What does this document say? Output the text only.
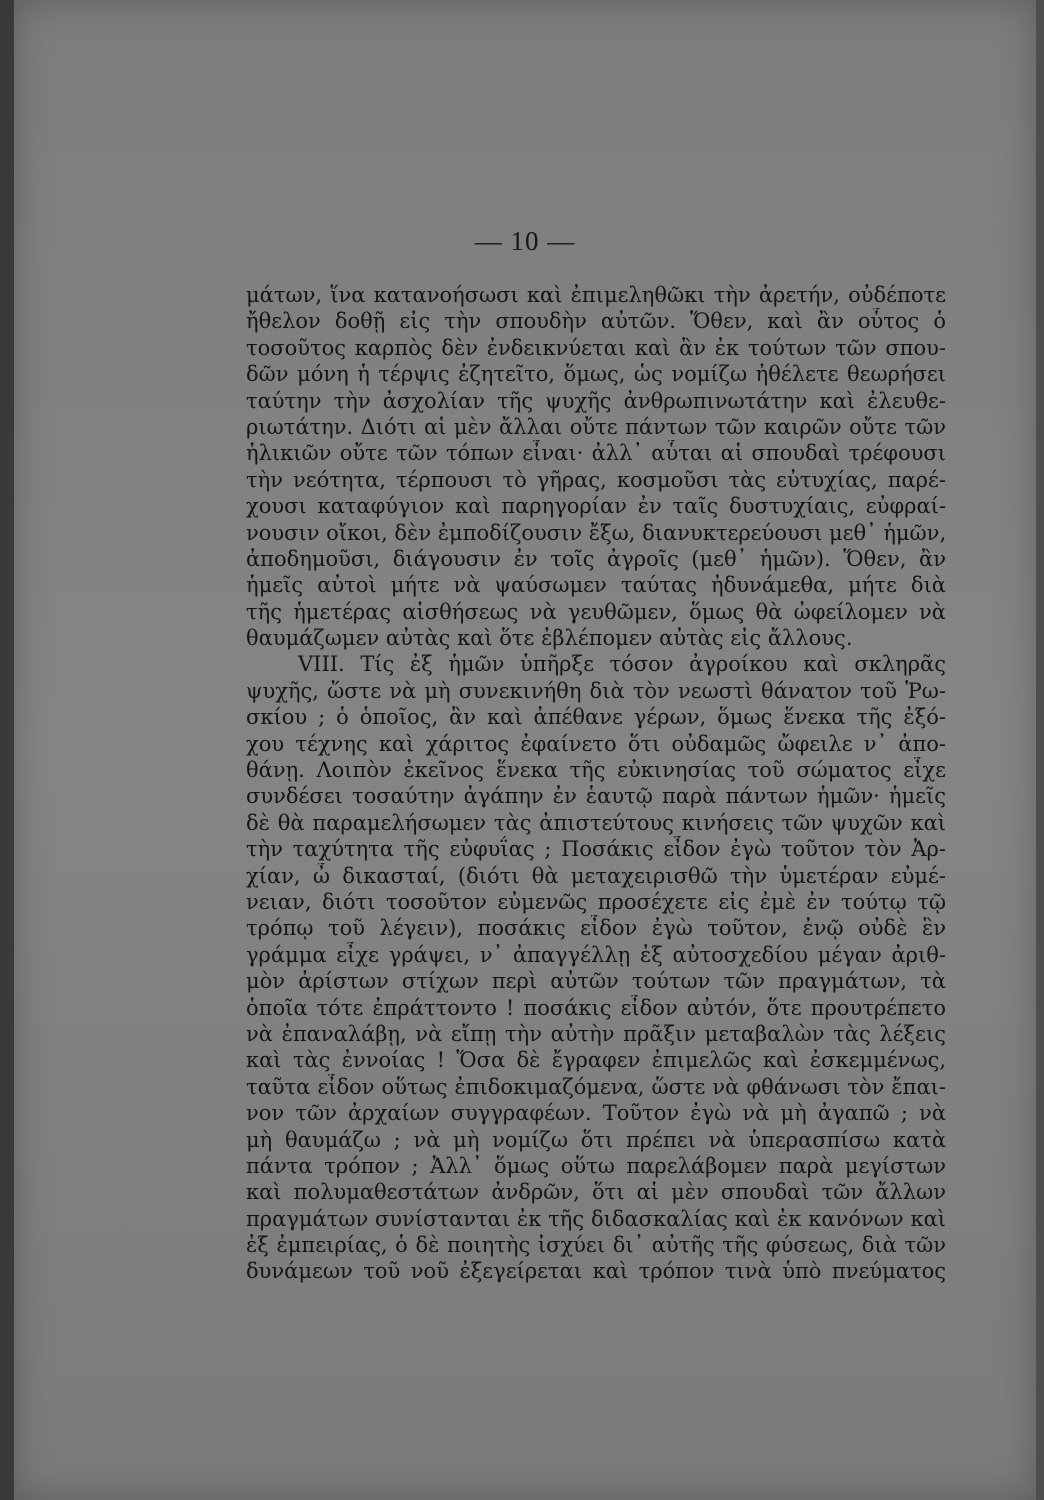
— 10 —
μάτων, ἵνα κατανοήσωσι καὶ ἐπιμεληθῶκι τὴν ἀρετήν, οὐδέποτε
ἤθελον δοθῇ εἰς τὴν σπουδὴν αὐτῶν. Ὅθεν, καὶ ἂν οὗτος ὁ
τοσοῦτος καρπὸς δὲν ἐνδεικνύεται καὶ ἂν ἐκ τούτων τῶν σπου-
δῶν μόνη ἡ τέρψις ἐζητεῖτο, ὅμως, ὡς νομίζω ἠθέλετε θεωρήσει
ταύτην τὴν ἀσχολίαν τῆς ψυχῆς ἀνθρωπινωτάτην καὶ ἐλευθε-
ριωτάτην. Διότι αἱ μὲν ἄλλαι οὔτε πάντων τῶν καιρῶν οὔτε τῶν
ἡλικιῶν οὔτε τῶν τόπων εἶναι· ἀλλ᾽ αὗται αἱ σπουδαὶ τρέφουσι
τὴν νεότητα, τέρπουσι τὸ γῆρας, κοσμοῦσι τὰς εὐτυχίας, παρέ-
χουσι καταφύγιον καὶ παρηγορίαν ἐν ταῖς δυστυχίαις, εὐφραί-
νουσιν οἴκοι, δὲν ἐμποδίζουσιν ἔξω, διανυκτερεύουσι μεθ᾽ ἡμῶν,
ἀποδημοῦσι, διάγουσιν ἐν τοῖς ἀγροῖς (μεθ᾽ ἡμῶν). Ὅθεν, ἂν
ἡμεῖς αὐτοὶ μήτε νὰ ψαύσωμεν ταύτας ἠδυνάμεθα, μήτε διὰ
τῆς ἡμετέρας αἰσθήσεως νὰ γευθῶμεν, ὅμως θὰ ὠφείλομεν νὰ
θαυμάζωμεν αὐτὰς καὶ ὅτε ἐβλέπομεν αὐτὰς εἰς ἄλλους.
VIII. Τίς ἐξ ἡμῶν ὑπῆρξε τόσον ἀγροίκου καὶ σκληρᾶς
ψυχῆς, ὥστε νὰ μὴ συνεκινήθη διὰ τὸν νεωστὶ θάνατον τοῦ Ῥω-
σκίου ; ὁ ὁποῖος, ἂν καὶ ἀπέθανε γέρων, ὅμως ἕνεκα τῆς ἐξό-
χου τέχνης καὶ χάριτος ἐφαίνετο ὅτι οὐδαμῶς ὤφειλε ν᾽ ἀπο-
θάνῃ. Λοιπὸν ἐκεῖνος ἕνεκα τῆς εὐκινησίας τοῦ σώματος εἶχε
συνδέσει τοσαύτην ἀγάπην ἐν ἑαυτῷ παρὰ πάντων ἡμῶν· ἡμεῖς
δὲ θὰ παραμελήσωμεν τὰς ἀπιστεύτους κινήσεις τῶν ψυχῶν καὶ
τὴν ταχύτητα τῆς εὐφυΐας ; Ποσάκις εἶδον ἐγὼ τοῦτον τὸν Ἀρ-
χίαν, ὦ δικασταί, (διότι θὰ μεταχειρισθῶ τὴν ὑμετέραν εὐμέ-
νειαν, διότι τοσοῦτον εὐμενῶς προσέχετε εἰς ἐμὲ ἐν τούτῳ τῷ
τρόπῳ τοῦ λέγειν), ποσάκις εἶδον ἐγὼ τοῦτον, ἐνῷ οὐδὲ ἓν
γράμμα εἶχε γράψει, ν᾽ ἀπαγγέλλῃ ἐξ αὐτοσχεδίου μέγαν ἀριθ-
μὸν ἀρίστων στίχων περὶ αὐτῶν τούτων τῶν πραγμάτων, τὰ
ὁποῖα τότε ἐπράττοντο ! ποσάκις εἶδον αὐτόν, ὅτε προυτρέπετο
νὰ ἐπαναλάβῃ, νὰ εἴπῃ τὴν αὐτὴν πρᾶξιν μεταβαλὼν τὰς λέξεις
καὶ τὰς ἐννοίας ! Ὅσα δὲ ἔγραφεν ἐπιμελῶς καὶ ἐσκεμμένως,
ταῦτα εἶδον οὕτως ἐπιδοκιμαζόμενα, ὥστε νὰ φθάνωσι τὸν ἔπαι-
νον τῶν ἀρχαίων συγγραφέων. Τοῦτον ἐγὼ νὰ μὴ ἀγαπῶ ; νὰ
μὴ θαυμάζω ; νὰ μὴ νομίζω ὅτι πρέπει νὰ ὑπερασπίσω κατὰ
πάντα τρόπον ; Ἀλλ᾽ ὅμως οὕτω παρελάβομεν παρὰ μεγίστων
καὶ πολυμαθεστάτων ἀνδρῶν, ὅτι αἱ μὲν σπουδαὶ τῶν ἄλλων
πραγμάτων συνίστανται ἐκ τῆς διδασκαλίας καὶ ἐκ κανόνων καὶ
ἐξ ἐμπειρίας, ὁ δὲ ποιητὴς ἰσχύει δι᾽ αὐτῆς τῆς φύσεως, διὰ τῶν
δυνάμεων τοῦ νοῦ ἐξεγείρεται καὶ τρόπον τινὰ ὑπὸ πνεύματος
